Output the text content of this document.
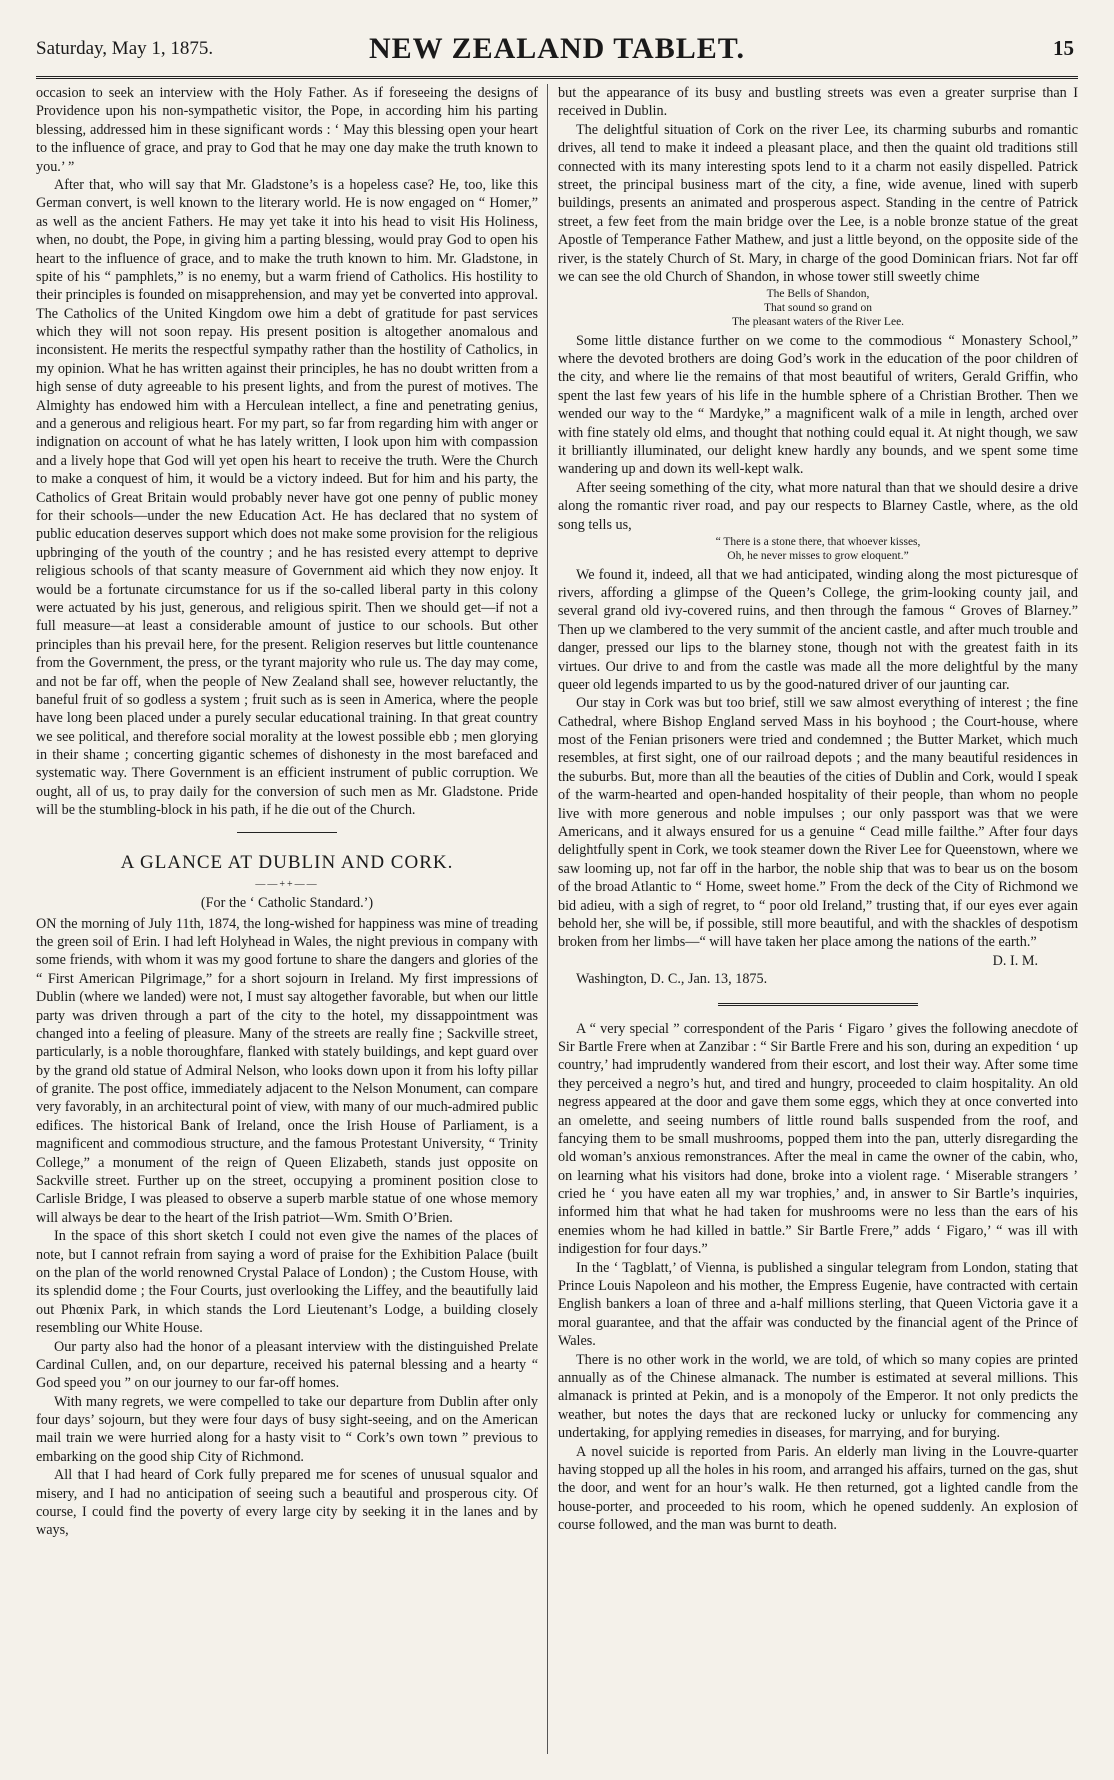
Saturday, May 1, 1875.	NEW ZEALAND TABLET.	15

occasion to seek an interview with the Holy Father. As if foreseeing the designs of Providence upon his non-sympathetic visitor, the Pope, in according him his parting blessing, addressed him in these significant words : ‘ May this blessing open your heart to the influence of grace, and pray to God that he may one day make the truth known to you.’ ”

After that, who will say that Mr. Gladstone’s is a hopeless case? He, too, like this German convert, is well known to the literary world. He is now engaged on “ Homer,” as well as the ancient Fathers. He may yet take it into his head to visit His Holiness, when, no doubt, the Pope, in giving him a parting blessing, would pray God to open his heart to the influence of grace, and to make the truth known to him. Mr. Gladstone, in spite of his “ pamphlets,” is no enemy, but a warm friend of Catholics. His hostility to their principles is founded on misapprehension, and may yet be converted into approval. The Catholics of the United Kingdom owe him a debt of gratitude for past services which they will not soon repay. His present position is altogether anomalous and inconsistent. He merits the respectful sympathy rather than the hostility of Catholics, in my opinion. What he has written against their principles, he has no doubt written from a high sense of duty agreeable to his present lights, and from the purest of motives. The Almighty has endowed him with a Herculean intellect, a fine and penetrating genius, and a generous and religious heart. For my part, so far from regarding him with anger or indignation on account of what he has lately written, I look upon him with compassion and a lively hope that God will yet open his heart to receive the truth. Were the Church to make a conquest of him, it would be a victory indeed. But for him and his party, the Catholics of Great Britain would probably never have got one penny of public money for their schools—under the new Education Act. He has declared that no system of public education deserves support which does not make some provision for the religious upbringing of the youth of the country ; and he has resisted every attempt to deprive religious schools of that scanty measure of Government aid which they now enjoy. It would be a fortunate circumstance for us if the so-called liberal party in this colony were actuated by his just, generous, and religious spirit. Then we should get—if not a full measure—at least a considerable amount of justice to our schools. But other principles than his prevail here, for the present. Religion reserves but little countenance from the Government, the press, or the tyrant majority who rule us. The day may come, and not be far off, when the people of New Zealand shall see, however reluctantly, the baneful fruit of so godless a system ; fruit such as is seen in America, where the people have long been placed under a purely secular educational training. In that great country we see political, and therefore social morality at the lowest possible ebb ; men glorying in their shame ; concerting gigantic schemes of dishonesty in the most barefaced and systematic way. There Government is an efficient instrument of public corruption. We ought, all of us, to pray daily for the conversion of such men as Mr. Gladstone. Pride will be the stumbling-block in his path, if he die out of the Church.

A GLANCE AT DUBLIN AND CORK.
——++——
(For the ‘ Catholic Standard.’)

ON the morning of July 11th, 1874, the long-wished for happiness was mine of treading the green soil of Erin. I had left Holyhead in Wales, the night previous in company with some friends, with whom it was my good fortune to share the dangers and glories of the “ First American Pilgrimage,” for a short sojourn in Ireland. My first impressions of Dublin (where we landed) were not, I must say altogether favorable, but when our little party was driven through a part of the city to the hotel, my dissappointment was changed into a feeling of pleasure. Many of the streets are really fine ; Sackville street, particularly, is a noble thoroughfare, flanked with stately buildings, and kept guard over by the grand old statue of Admiral Nelson, who looks down upon it from his lofty pillar of granite. The post office, immediately adjacent to the Nelson Monument, can compare very favorably, in an architectural point of view, with many of our much-admired public edifices. The historical Bank of Ireland, once the Irish House of Parliament, is a magnificent and commodious structure, and the famous Protestant University, “ Trinity College,” a monument of the reign of Queen Elizabeth, stands just opposite on Sackville street. Further up on the street, occupying a prominent position close to Carlisle Bridge, I was pleased to observe a superb marble statue of one whose memory will always be dear to the heart of the Irish patriot—Wm. Smith O’Brien.

In the space of this short sketch I could not even give the names of the places of note, but I cannot refrain from saying a word of praise for the Exhibition Palace (built on the plan of the world renowned Crystal Palace of London) ; the Custom House, with its splendid dome ; the Four Courts, just overlooking the Liffey, and the beautifully laid out Phœnix Park, in which stands the Lord Lieutenant’s Lodge, a building closely resembling our White House.

Our party also had the honor of a pleasant interview with the distinguished Prelate Cardinal Cullen, and, on our departure, received his paternal blessing and a hearty “ God speed you ” on our journey to our far-off homes.

With many regrets, we were compelled to take our departure from Dublin after only four days’ sojourn, but they were four days of busy sight-seeing, and on the American mail train we were hurried along for a hasty visit to “ Cork’s own town ” previous to embarking on the good ship City of Richmond.

All that I had heard of Cork fully prepared me for scenes of unusual squalor and misery, and I had no anticipation of seeing such a beautiful and prosperous city. Of course, I could find the poverty of every large city by seeking it in the lanes and by ways,

but the appearance of its busy and bustling streets was even a greater surprise than I received in Dublin.

The delightful situation of Cork on the river Lee, its charming suburbs and romantic drives, all tend to make it indeed a pleasant place, and then the quaint old traditions still connected with its many interesting spots lend to it a charm not easily dispelled. Patrick street, the principal business mart of the city, a fine, wide avenue, lined with superb buildings, presents an animated and prosperous aspect. Standing in the centre of Patrick street, a few feet from the main bridge over the Lee, is a noble bronze statue of the great Apostle of Temperance Father Mathew, and just a little beyond, on the opposite side of the river, is the stately Church of St. Mary, in charge of the good Dominican friars. Not far off we can see the old Church of Shandon, in whose tower still sweetly chime

The Bells of Shandon,
That sound so grand on
The pleasant waters of the River Lee.

Some little distance further on we come to the commodious “ Monastery School,” where the devoted brothers are doing God’s work in the education of the poor children of the city, and where lie the remains of that most beautiful of writers, Gerald Griffin, who spent the last few years of his life in the humble sphere of a Christian Brother. Then we wended our way to the “ Mardyke,” a magnificent walk of a mile in length, arched over with fine stately old elms, and thought that nothing could equal it. At night though, we saw it brilliantly illuminated, our delight knew hardly any bounds, and we spent some time wandering up and down its well-kept walk.

After seeing something of the city, what more natural than that we should desire a drive along the romantic river road, and pay our respects to Blarney Castle, where, as the old song tells us,

“ There is a stone there, that whoever kisses,
Oh, he never misses to grow eloquent.”

We found it, indeed, all that we had anticipated, winding along the most picturesque of rivers, affording a glimpse of the Queen’s College, the grim-looking county jail, and several grand old ivy-covered ruins, and then through the famous “ Groves of Blarney.” Then up we clambered to the very summit of the ancient castle, and after much trouble and danger, pressed our lips to the blarney stone, though not with the greatest faith in its virtues. Our drive to and from the castle was made all the more delightful by the many queer old legends imparted to us by the good-natured driver of our jaunting car.

Our stay in Cork was but too brief, still we saw almost everything of interest ; the fine Cathedral, where Bishop England served Mass in his boyhood ; the Court-house, where most of the Fenian prisoners were tried and condemned ; the Butter Market, which much resembles, at first sight, one of our railroad depots ; and the many beautiful residences in the suburbs. But, more than all the beauties of the cities of Dublin and Cork, would I speak of the warm-hearted and open-handed hospitality of their people, than whom no people live with more generous and noble impulses ; our only passport was that we were Americans, and it always ensured for us a genuine “ Cead mille failthe.” After four days delightfully spent in Cork, we took steamer down the River Lee for Queenstown, where we saw looming up, not far off in the harbor, the noble ship that was to bear us on the bosom of the broad Atlantic to “ Home, sweet home.” From the deck of the City of Richmond we bid adieu, with a sigh of regret, to “ poor old Ireland,” trusting that, if our eyes ever again behold her, she will be, if possible, still more beautiful, and with the shackles of despotism broken from her limbs—“ will have taken her place among the nations of the earth.”

D. I. M.

Washington, D. C., Jan. 13, 1875.

A “ very special ” correspondent of the Paris ‘ Figaro ’ gives the following anecdote of Sir Bartle Frere when at Zanzibar : “ Sir Bartle Frere and his son, during an expedition ‘ up country,’ had imprudently wandered from their escort, and lost their way. After some time they perceived a negro’s hut, and tired and hungry, proceeded to claim hospitality. An old negress appeared at the door and gave them some eggs, which they at once converted into an omelette, and seeing numbers of little round balls suspended from the roof, and fancying them to be small mushrooms, popped them into the pan, utterly disregarding the old woman’s anxious remonstrances. After the meal in came the owner of the cabin, who, on learning what his visitors had done, broke into a violent rage. ‘ Miserable strangers ’ cried he ‘ you have eaten all my war trophies,’ and, in answer to Sir Bartle’s inquiries, informed him that what he had taken for mushrooms were no less than the ears of his enemies whom he had killed in battle.” Sir Bartle Frere,” adds ‘ Figaro,’ “ was ill with indigestion for four days.”

In the ‘ Tagblatt,’ of Vienna, is published a singular telegram from London, stating that Prince Louis Napoleon and his mother, the Empress Eugenie, have contracted with certain English bankers a loan of three and a-half millions sterling, that Queen Victoria gave it a moral guarantee, and that the affair was conducted by the financial agent of the Prince of Wales.

There is no other work in the world, we are told, of which so many copies are printed annually as of the Chinese almanack. The number is estimated at several millions. This almanack is printed at Pekin, and is a monopoly of the Emperor. It not only predicts the weather, but notes the days that are reckoned lucky or unlucky for commencing any undertaking, for applying remedies in diseases, for marrying, and for burying.

A novel suicide is reported from Paris. An elderly man living in the Louvre-quarter having stopped up all the holes in his room, and arranged his affairs, turned on the gas, shut the door, and went for an hour’s walk. He then returned, got a lighted candle from the house-porter, and proceeded to his room, which he opened suddenly. An explosion of course followed, and the man was burnt to death.
